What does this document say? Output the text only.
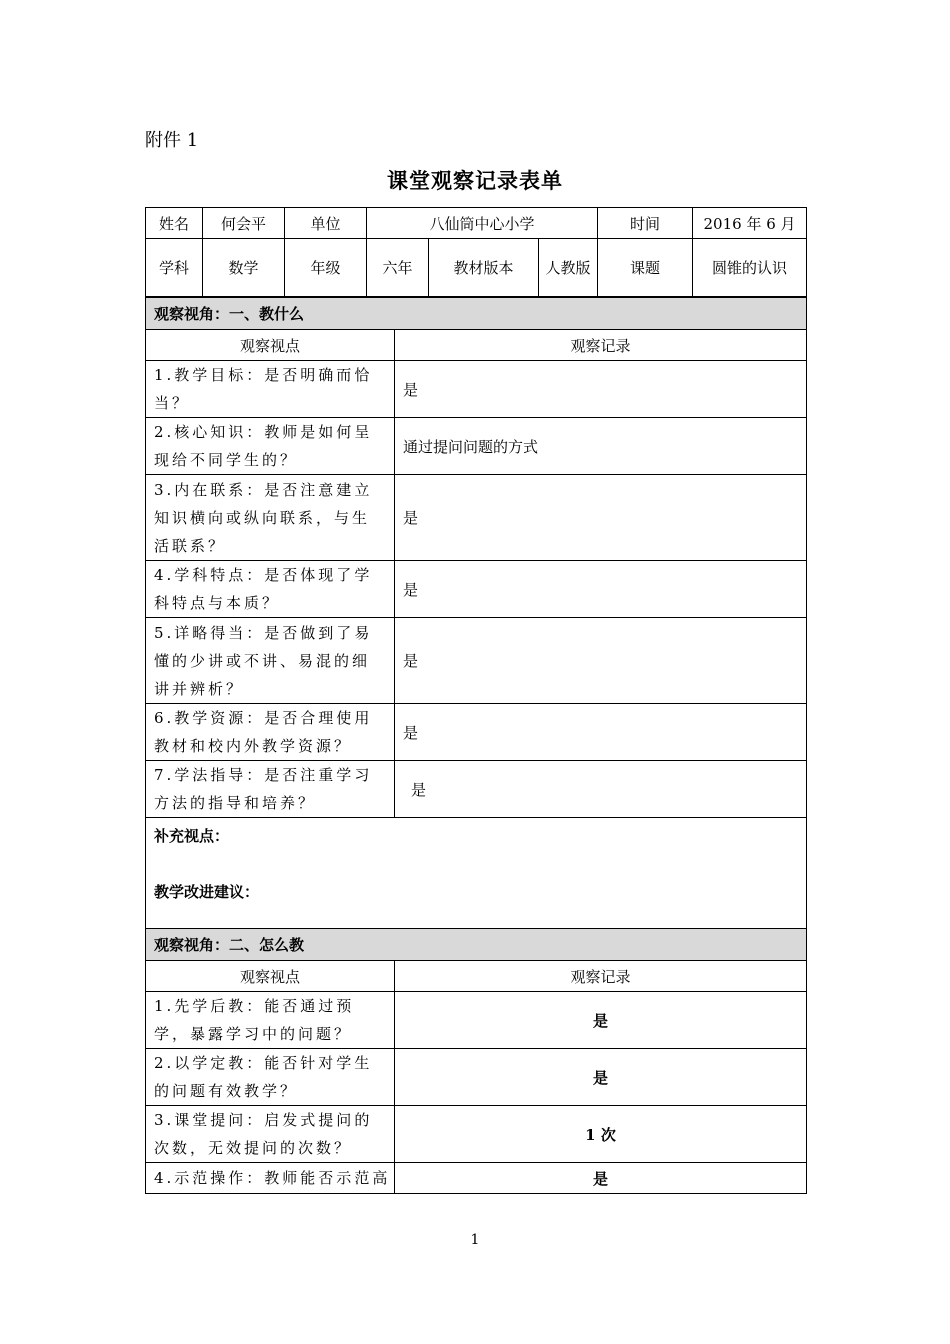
附件 1
课堂观察记录表单
姓名	何会平	单位	八仙筒中心小学			时间	2016 年 6 月
学科	数学	年级	六年	教材版本	人教版	课题	圆锥的认识
观察视角：一、教什么	
观察视点	观察记录
1.教学目标：是否明确而恰当？	是
2.核心知识：教师是如何呈现给不同学生的？	通过提问问题的方式
3.内在联系：是否注意建立知识横向或纵向联系，与生活联系？	是
4.学科特点：是否体现了学科特点与本质？	是
5.详略得当：是否做到了易懂的少讲或不讲、易混的细讲并辨析？	是
6.教学资源：是否合理使用教材和校内外教学资源？	是
7.学法指导：是否注重学习方法的指导和培养？	是

补充视点：
教学改进建议：	

观察视角：二、怎么教	
观察视点	观察记录
1.先学后教：能否通过预学，暴露学习中的问题？	是
2.以学定教：能否针对学生的问题有效教学？	是
3.课堂提问：启发式提问的次数，无效提问的次数？	1 次
4.示范操作：教师能否示范高	是
1
